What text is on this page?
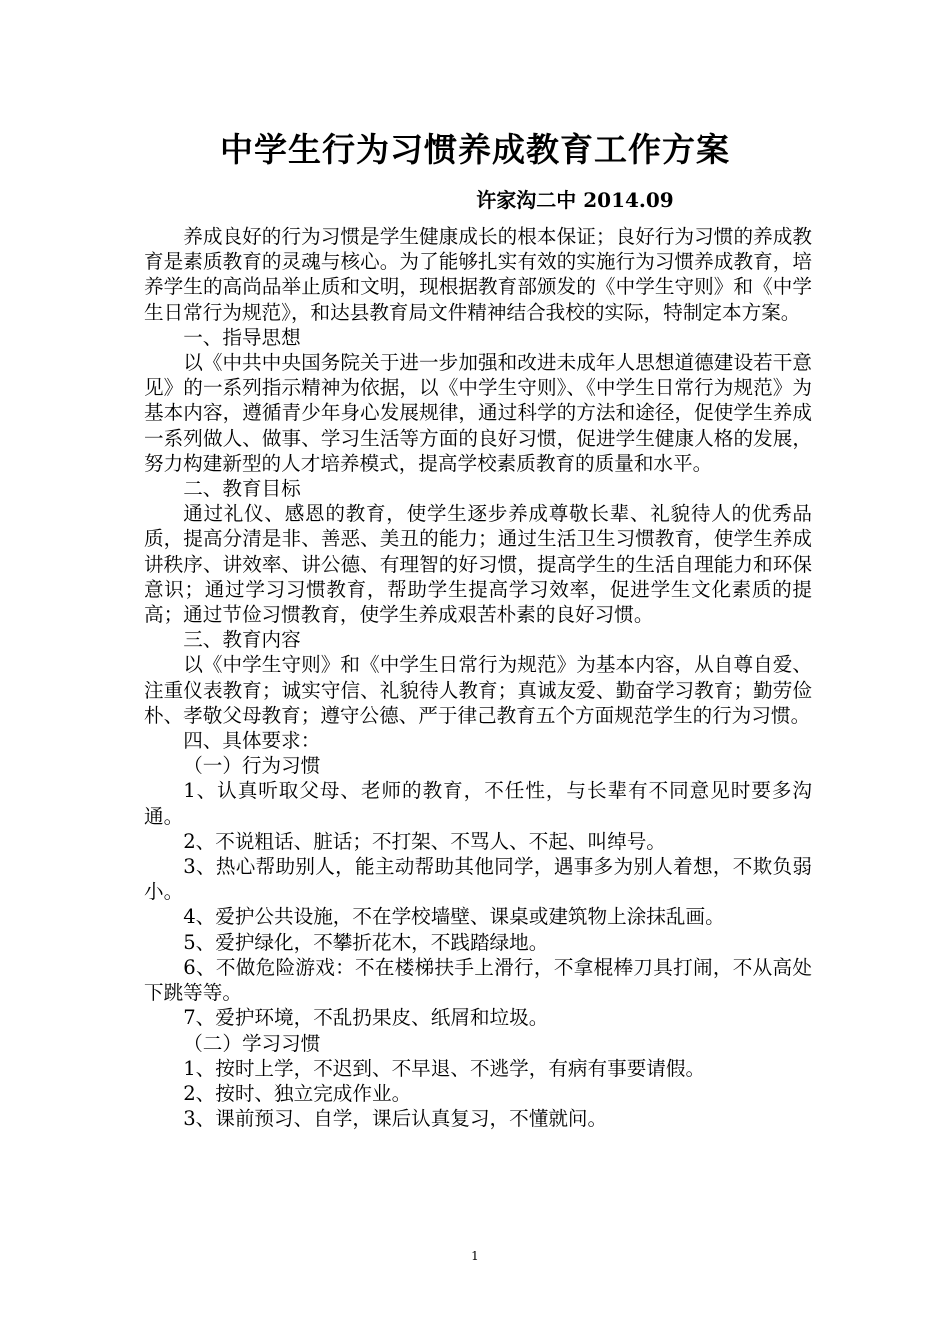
中学生行为习惯养成教育工作方案
许家沟二中 2014.09

养成良好的行为习惯是学生健康成长的根本保证；良好行为习惯的养成教育是素质教育的灵魂与核心。为了能够扎实有效的实施行为习惯养成教育，培养学生的高尚品举止质和文明，现根据教育部颁发的《中学生守则》和《中学生日常行为规范》，和达县教育局文件精神结合我校的实际，特制定本方案。

一、指导思想

以《中共中央国务院关于进一步加强和改进未成年人思想道德建设若干意见》的一系列指示精神为依据，以《中学生守则》、《中学生日常行为规范》为基本内容，遵循青少年身心发展规律，通过科学的方法和途径，促使学生养成一系列做人、做事、学习生活等方面的良好习惯，促进学生健康人格的发展，努力构建新型的人才培养模式，提高学校素质教育的质量和水平。

二、教育目标

通过礼仪、感恩的教育，使学生逐步养成尊敬长辈、礼貌待人的优秀品质，提高分清是非、善恶、美丑的能力；通过生活卫生习惯教育，使学生养成讲秩序、讲效率、讲公德、有理智的好习惯，提高学生的生活自理能力和环保意识；通过学习习惯教育，帮助学生提高学习效率，促进学生文化素质的提高；通过节俭习惯教育，使学生养成艰苦朴素的良好习惯。

三、教育内容

以《中学生守则》和《中学生日常行为规范》为基本内容，从自尊自爱、注重仪表教育；诚实守信、礼貌待人教育；真诚友爱、勤奋学习教育；勤劳俭朴、孝敬父母教育；遵守公德、严于律己教育五个方面规范学生的行为习惯。

四、具体要求：

（一）行为习惯

1、认真听取父母、老师的教育，不任性，与长辈有不同意见时要多沟通。

2、不说粗话、脏话；不打架、不骂人、不起、叫绰号。

3、热心帮助别人，能主动帮助其他同学，遇事多为别人着想，不欺负弱小。

4、爱护公共设施，不在学校墙壁、课桌或建筑物上涂抹乱画。

5、爱护绿化，不攀折花木，不践踏绿地。

6、不做危险游戏：不在楼梯扶手上滑行，不拿棍棒刀具打闹，不从高处下跳等等。

7、爱护环境，不乱扔果皮、纸屑和垃圾。

（二）学习习惯

1、按时上学，不迟到、不早退、不逃学，有病有事要请假。

2、按时、独立完成作业。

3、课前预习、自学，课后认真复习，不懂就问。

1
